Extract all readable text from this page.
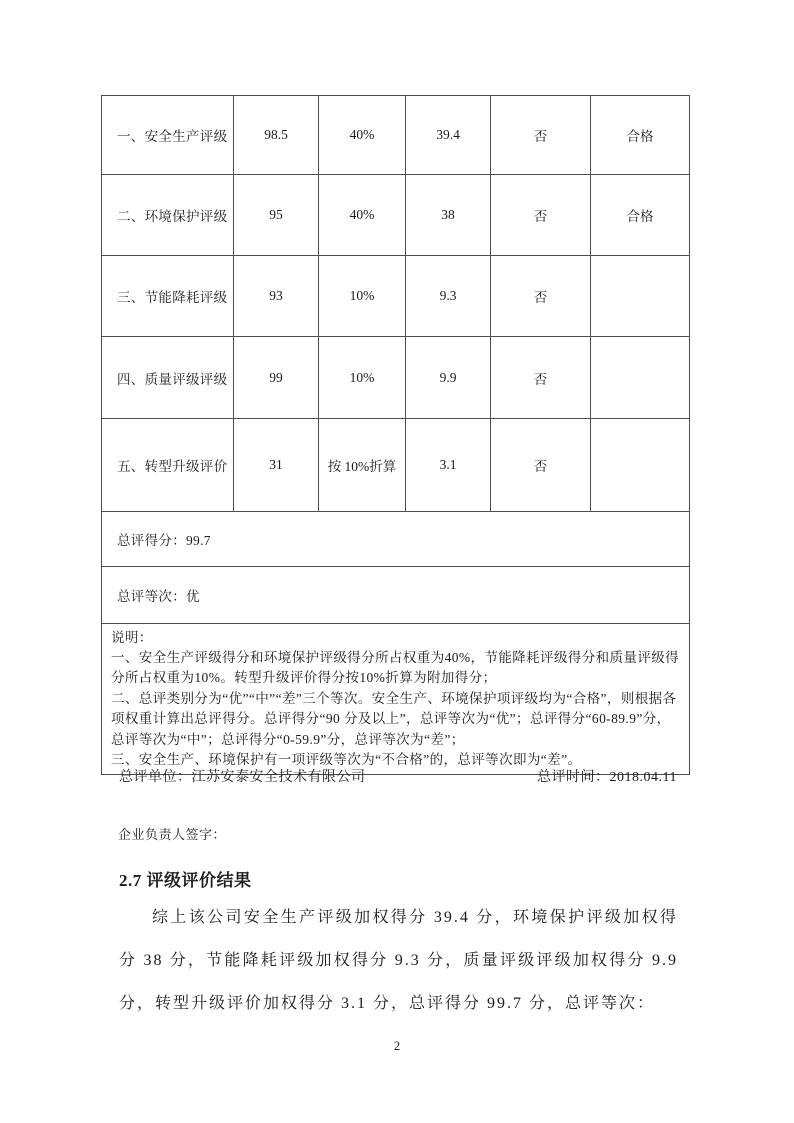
一、安全生产评级	98.5	40%	39.4	否	合格
二、环境保护评级	95	40%	38	否	合格
三、节能降耗评级	93	10%	9.3	否	
四、质量评级评级	99	10%	9.9	否	
五、转型升级评价	31	按 10%折算	3.1	否	
总评得分：99.7					
总评等次：优					

说明：

一、安全生产评级得分和环境保护评级得分所占权重为40%，节能降耗评级得分和质量评级得分所占权重为10%。转型升级评价得分按10%折算为附加得分；

二、总评类别分为“优”“中”“差”三个等次。安全生产、环境保护项评级均为“合格”，则根据各项权重计算出总评得分。总评得分“90 分及以上”，总评等次为“优”；总评得分“60-89.9”分，总评等次为“中”；总评得分“0-59.9”分，总评等次为“差”；

三、安全生产、环境保护有一项评级等次为“不合格”的，总评等次即为“差”。					

总评单位：江苏安泰安全技术有限公司	总评时间：2018.04.11
企业负责人签字：
2.7 评级评价结果
综上该公司安全生产评级加权得分 39.4 分，环境保护评级加权得分 38 分，节能降耗评级加权得分 9.3 分，质量评级评级加权得分 9.9 分，转型升级评价加权得分 3.1 分，总评得分 99.7 分，总评等次：
2
